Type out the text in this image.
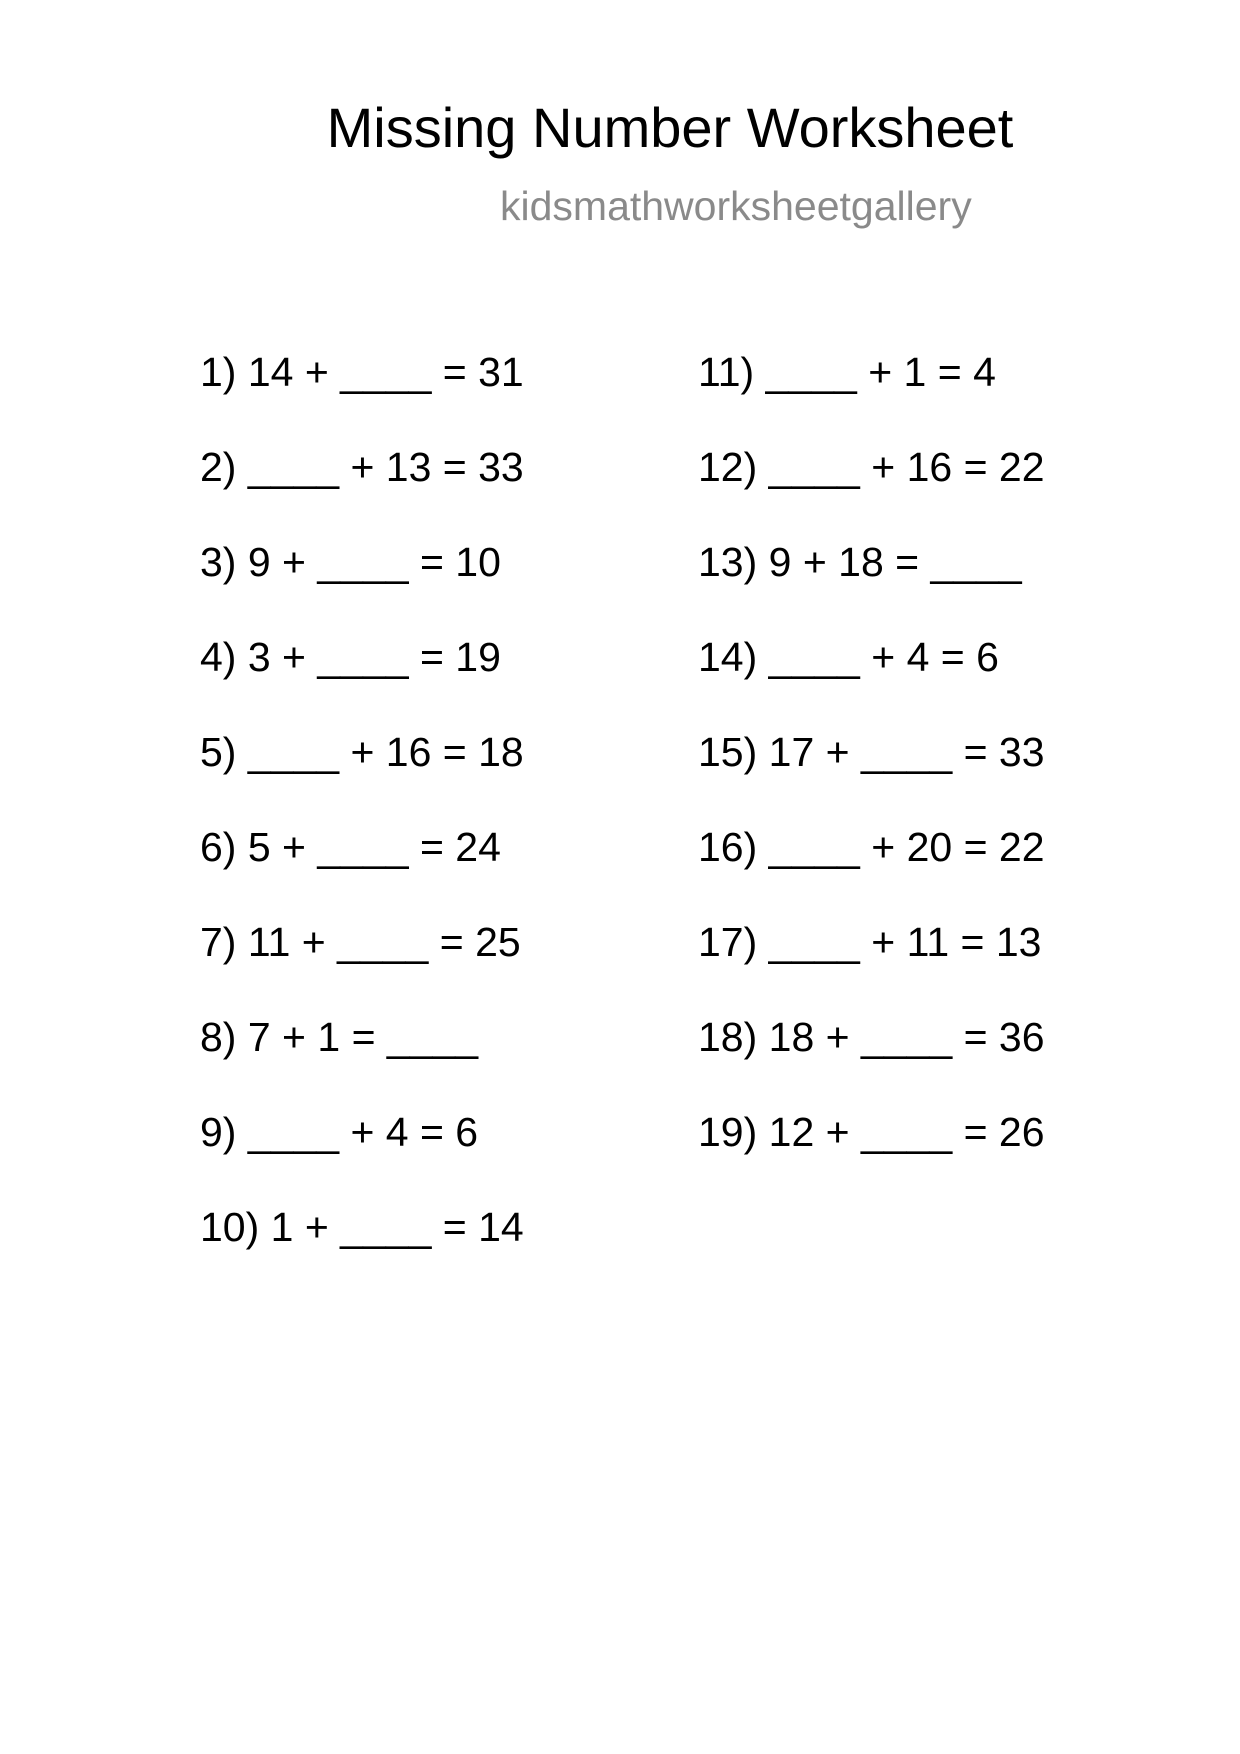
Missing Number Worksheet
kidsmathworksheetgallery
1) 14 + ____ = 31
2) ____ + 13 = 33
3) 9 + ____ = 10
4) 3 + ____ = 19
5) ____ + 16 = 18
6) 5 + ____ = 24
7) 11 + ____ = 25
8) 7 + 1 = ____
9) ____ + 4 = 6
10) 1 + ____ = 14
11) ____ + 1 = 4
12) ____ + 16 = 22
13) 9 + 18 = ____
14) ____ + 4 = 6
15) 17 + ____ = 33
16) ____ + 20 = 22
17) ____ + 11 = 13
18) 18 + ____ = 36
19) 12 + ____ = 26
